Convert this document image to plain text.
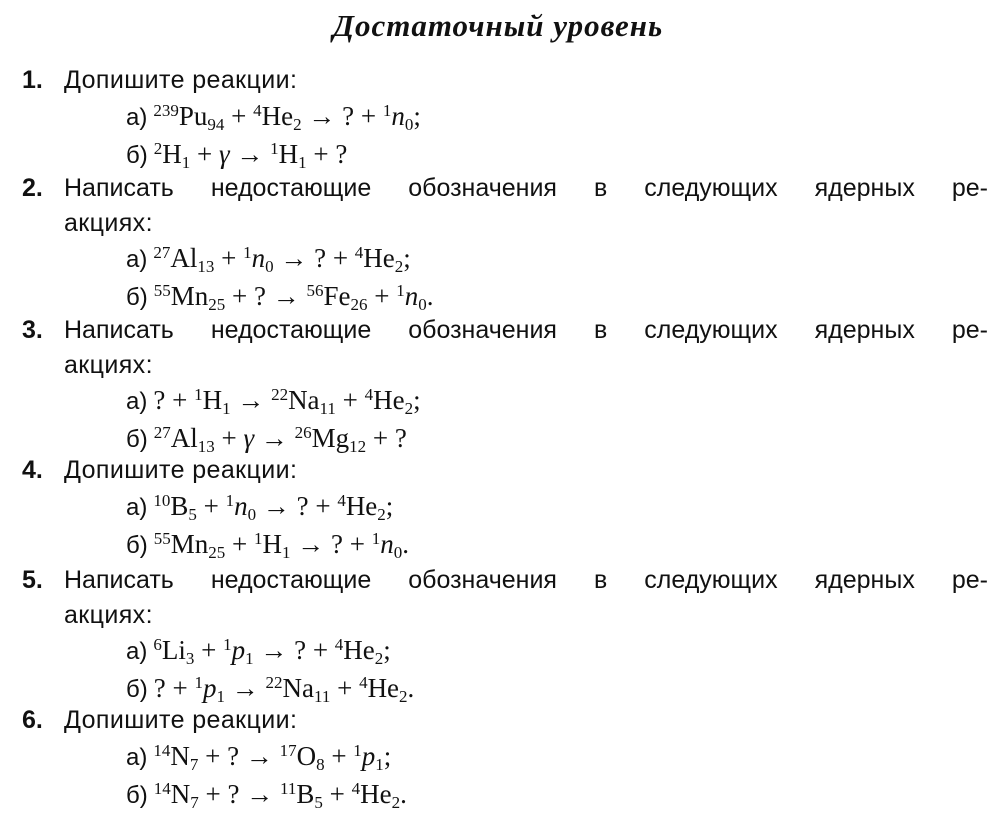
Достаточный уровень
1. Допишите реакции:
а) $^{239}Pu_{94} + ^4He_2$ → ? + $^1n_0$;
б) $^2H_1 + \gamma \to ^1H_1$ + ?
2. Написать недостающие обозначения в следующих ядерных ре-
акциях:
а) $^{27}Al_{13} + ^1n_0$ → ? + $^4He_2$;
б) $^{55}Mn_{25}$ + ? → $^{56}Fe_{26} + ^1n_0$.
3. Написать недостающие обозначения в следующих ядерных ре-
акциях:
а) ? + $^1H_1 \to ^{22}Na_{11} + ^4He_2$;
б) $^{27}Al_{13} + \gamma \to ^{26}Mg_{12}$ + ?
4. Допишите реакции:
а) $^{10}B_5 + ^1n_0$ → ? + $^4He_2$;
б) $^{55}Mn_{25} + ^1H_1$ → ? + $^1n_0$.
5. Написать недостающие обозначения в следующих ядерных ре-
акциях:
а) $^6Li_3 + ^1p_1$ → ? + $^4He_2$;
б) ? + $^1p_1 \to ^{22}Na_{11} + ^4He_2$.
6. Допишите реакции:
а) $^{14}N_7$ + ? → $^{17}O_8 + ^1p_1$;
б) $^{14}N_7$ + ? → $^{11}B_5 + ^4He_2$.
